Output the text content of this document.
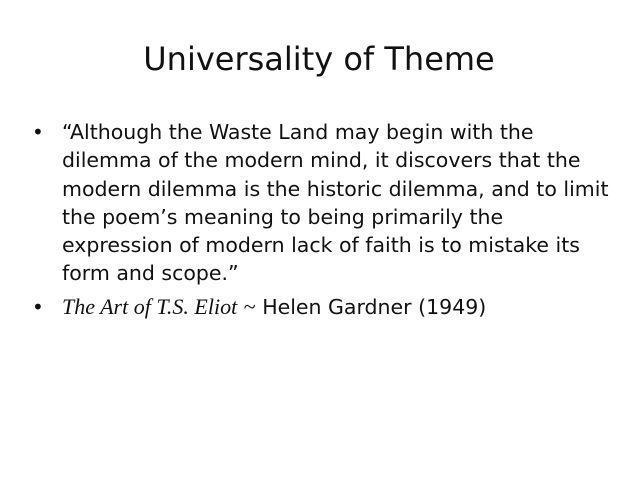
Universality of Theme
• “Although the Waste Land may begin with the dilemma of the modern mind, it discovers that the modern dilemma is the historic dilemma, and to limit the poem’s meaning to being primarily the expression of modern lack of faith is to mistake its form and scope.”
• The Art of T.S. Eliot ~ Helen Gardner (1949)
